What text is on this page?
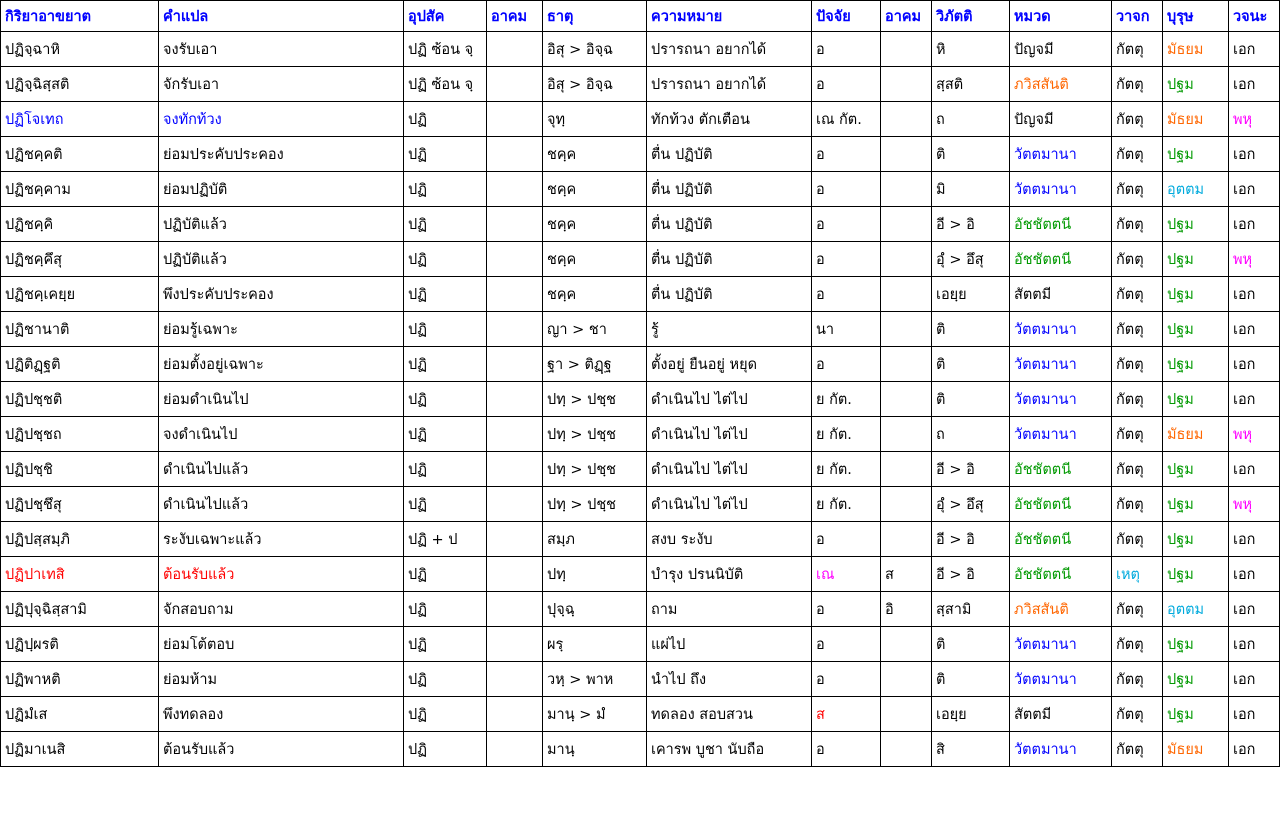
กิริยาอาขยาต	คำแปล	อุปสัค	อาคม	ธาตุ	ความหมาย	ปัจจัย	อาคม	วิภัตติ	หมวด	วาจก	บุรุษ	วจนะ
ปฏิจฺฉาหิ	จงรับเอา	ปฏิ ซ้อน จฺ		อิสุ > อิจฺฉ	ปรารถนา อยากได้	อ		หิ	ปัญจมี	กัตตุ	มัธยม	เอก
ปฏิจฺฉิสฺสติ	จักรับเอา	ปฏิ ซ้อน จฺ		อิสุ > อิจฺฉ	ปรารถนา อยากได้	อ		สฺสติ	ภวิสสันติ	กัตตุ	ปฐม	เอก
ปฏิโจเทถ	จงทักท้วง	ปฏิ		จุทฺ	ทักท้วง ตักเตือน	เณ กัต.		ถ	ปัญจมี	กัตตุ	มัธยม	พหุ
ปฏิชคฺคติ	ย่อมประคับประคอง	ปฏิ		ชคฺค	ตื่น ปฏิบัติ	อ		ติ	วัตตมานา	กัตตุ	ปฐม	เอก
ปฏิชคฺคาม	ย่อมปฏิบัติ	ปฏิ		ชคฺค	ตื่น ปฏิบัติ	อ		มิ	วัตตมานา	กัตตุ	อุตตม	เอก
ปฏิชคฺคิ	ปฏิบัติแล้ว	ปฏิ		ชคฺค	ตื่น ปฏิบัติ	อ		อี > อิ	อัชชัตตนี	กัตตุ	ปฐม	เอก
ปฏิชคฺคึสุ	ปฏิบัติแล้ว	ปฏิ		ชคฺค	ตื่น ปฏิบัติ	อ		อุํ > อึสุ	อัชชัตตนี	กัตตุ	ปฐม	พหุ
ปฏิชคฺเคยฺย	พึงประคับประคอง	ปฏิ		ชคฺค	ตื่น ปฏิบัติ	อ		เอยฺย	สัตตมี	กัตตุ	ปฐม	เอก
ปฏิชานาติ	ย่อมรู้เฉพาะ	ปฏิ		ญา > ชา	รู้	นา		ติ	วัตตมานา	กัตตุ	ปฐม	เอก
ปฏิติฏฺฐติ	ย่อมตั้งอยู่เฉพาะ	ปฏิ		ฐา > ติฏฺฐ	ตั้งอยู่ ยืนอยู่ หยุด	อ		ติ	วัตตมานา	กัตตุ	ปฐม	เอก
ปฏิปชฺชติ	ย่อมดำเนินไป	ปฏิ		ปทฺ > ปชฺช	ดำเนินไป ไต่ไป	ย กัต.		ติ	วัตตมานา	กัตตุ	ปฐม	เอก
ปฏิปชฺชถ	จงดำเนินไป	ปฏิ		ปทฺ > ปชฺช	ดำเนินไป ไต่ไป	ย กัต.		ถ	วัตตมานา	กัตตุ	มัธยม	พหุ
ปฏิปชฺชิ	ดำเนินไปแล้ว	ปฏิ		ปทฺ > ปชฺช	ดำเนินไป ไต่ไป	ย กัต.		อี > อิ	อัชชัตตนี	กัตตุ	ปฐม	เอก
ปฏิปชฺชึสุ	ดำเนินไปแล้ว	ปฏิ		ปทฺ > ปชฺช	ดำเนินไป ไต่ไป	ย กัต.		อุํ > อึสุ	อัชชัตตนี	กัตตุ	ปฐม	พหุ
ปฏิปสฺสมฺภิ	ระงับเฉพาะแล้ว	ปฏิ + ป		สมฺภ	สงบ ระงับ	อ		อี > อิ	อัชชัตตนี	กัตตุ	ปฐม	เอก
ปฏิปาเทสิ	ต้อนรับแล้ว	ปฏิ		ปทฺ	บำรุง ปรนนิบัติ	เณ	ส	อี > อิ	อัชชัตตนี	เหตุ	ปฐม	เอก
ปฏิปุจฺฉิสฺสามิ	จักสอบถาม	ปฏิ		ปุจฺฉฺ	ถาม	อ	อิ	สฺสามิ	ภวิสสันติ	กัตตุ	อุตตม	เอก
ปฏิปฺผรติ	ย่อมโต้ตอบ	ปฏิ		ผรฺ	แผ่ไป	อ		ติ	วัตตมานา	กัตตุ	ปฐม	เอก
ปฏิพาหติ	ย่อมห้าม	ปฏิ		วหฺ > พาห	นำไป ถึง	อ		ติ	วัตตมานา	กัตตุ	ปฐม	เอก
ปฏิมํเส	พึงทดลอง	ปฏิ		มานฺ > มํ	ทดลอง สอบสวน	ส		เอยฺย	สัตตมี	กัตตุ	ปฐม	เอก
ปฏิมาเนสิ	ต้อนรับแล้ว	ปฏิ		มานฺ	เคารพ บูชา นับถือ	อ		สิ	วัตตมานา	กัตตุ	มัธยม	เอก
